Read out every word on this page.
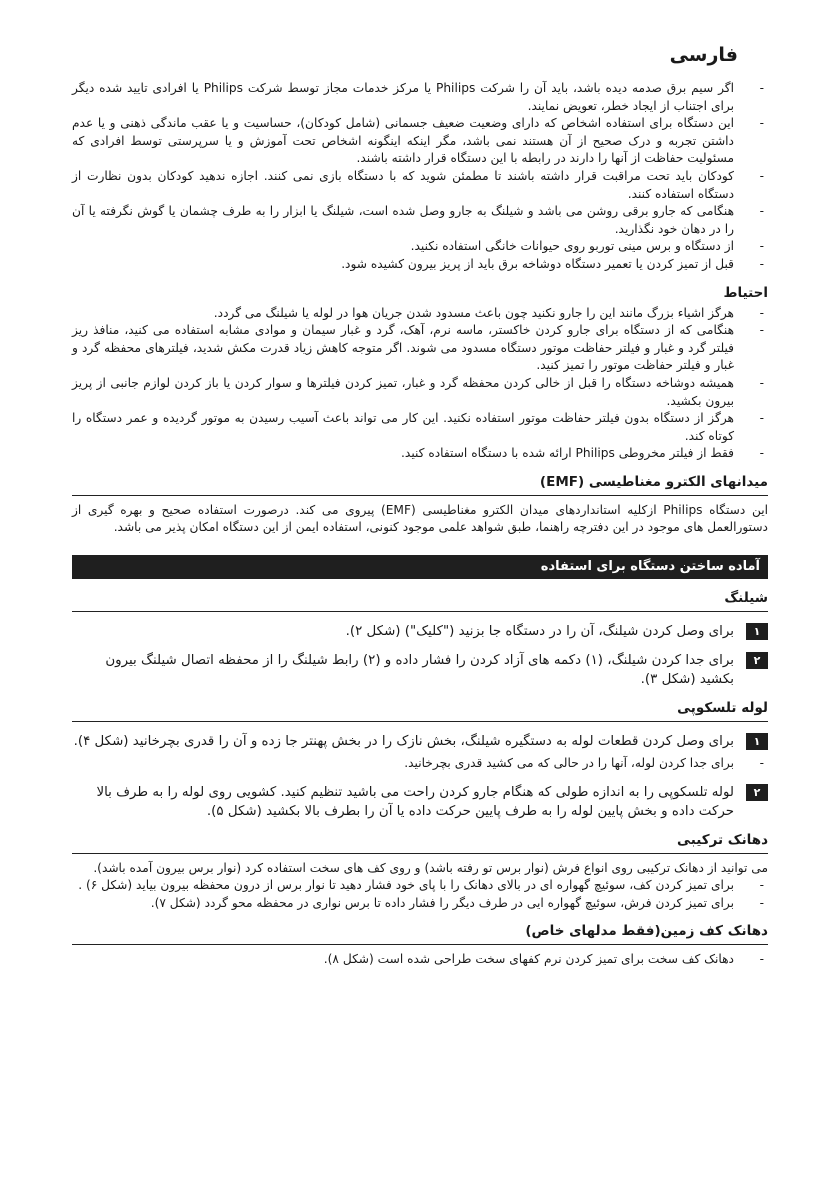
فارسی
- اگر سیم برق صدمه دیده باشد، باید آن را شرکت Philips یا مرکز خدمات مجاز توسط شرکت Philips یا افرادی تایید شده دیگر برای اجتناب از ایجاد خطر، تعویض نمایند.
- این دستگاه برای استفاده اشخاص که دارای وضعیت ضعیف جسمانی (شامل کودکان)، حساسیت و یا عقب ماندگی ذهنی و یا عدم داشتن تجربه و درک صحیح از آن هستند نمی باشد، مگر اینکه اینگونه اشخاص تحت آموزش و یا سرپرستی توسط افرادی که مسئولیت حفاظت از آنها را دارند در رابطه با این دستگاه قرار داشته باشند.
- کودکان باید تحت مراقبت قرار داشته باشند تا مطمئن شوید که با دستگاه بازی نمی کنند. اجازه ندهید کودکان بدون نظارت از دستگاه استفاده کنند.
- هنگامی که جارو برقی روشن می باشد و شیلنگ به جارو وصل شده است، شیلنگ یا ابزار را به طرف چشمان یا گوش نگرفته یا آن را در دهان خود نگذارید.
- از دستگاه و برس مینی توربو روی حیوانات خانگی استفاده نکنید.
- قبل از تمیز کردن یا تعمیر دستگاه دوشاخه برق باید از پریز بیرون کشیده شود.
احتیاط
- هرگز اشیاء بزرگ مانند این را جارو نکنید چون باعث مسدود شدن جریان هوا در لوله یا شیلنگ می گردد.
- هنگامی که از دستگاه برای جارو کردن خاکستر، ماسه نرم، آهک، گرد و غبار سیمان و موادی مشابه استفاده می کنید، منافذ ریز فیلتر گرد و غبار و فیلتر حفاظت موتور دستگاه مسدود می شوند. اگر متوجه کاهش زیاد قدرت مکش شدید، فیلترهای محفظه گرد و غبار و فیلتر حفاظت موتور را تمیز کنید.
- همیشه دوشاخه دستگاه را قبل از خالی کردن محفظه گرد و غبار، تمیز کردن فیلترها و سوار کردن یا باز کردن لوازم جانبی از پریز بیرون بکشید.
- هرگز از دستگاه بدون فیلتر حفاظت موتور استفاده نکنید. این کار می تواند باعث آسیب رسیدن به موتور گردیده و عمر دستگاه را کوتاه کند.
- فقط از فیلتر مخروطی Philips ارائه شده با دستگاه استفاده کنید.
میدانهای الکترو مغناطیسی (EMF)

این دستگاه Philips ازکلیه استانداردهای میدان الکترو مغناطیسی (EMF) پیروی می کند. درصورت استفاده صحیح و بهره گیری از دستورالعمل های موجود در این دفترچه راهنما، طبق شواهد علمی موجود کنونی، استفاده ایمن از این دستگاه امکان پذیر می باشد.

آماده ساختن دستگاه برای استفاده
شیلنگ
۱
برای وصل کردن شیلنگ، آن را در دستگاه جا بزنید ("کلیک") (شکل ۲).
۲
برای جدا کردن شیلنگ، (۱) دکمه های آزاد کردن را فشار داده و (۲) رابط شیلنگ را از محفظه اتصال شیلنگ بیرون بکشید (شکل ۳).
لوله تلسکوپی
۱
برای وصل کردن قطعات لوله به دستگیره شیلنگ، بخش نازک را در بخش پهنتر جا زده و آن را قدری بچرخانید (شکل ۴).
- برای جدا کردن لوله، آنها را در حالی که می کشید قدری بچرخانید.
۲
لوله تلسکوپی را به اندازه طولی که هنگام جارو کردن راحت می باشید تنظیم کنید. کشویی روی لوله را به طرف بالا حرکت داده و بخش پایین لوله را به طرف پایین حرکت داده یا آن را بطرف بالا بکشید (شکل ۵).
دهانک ترکیبی

می توانید از دهانک ترکیبی روی انواع فرش (نوار برس تو رفته باشد) و روی کف های سخت استفاده کرد (نوار برس بیرون آمده باشد).

- برای تمیز کردن کف، سوئیچ گهواره ای در بالای دهانک را با پای خود فشار دهید تا نوار برس از درون محفظه بیرون بیاید (شکل ۶) .
- برای تمیز کردن فرش، سوئیچ گهواره ایی در طرف دیگر را فشار داده تا برس نواری در محفظه محو گردد (شکل ۷).
دهانک کف زمین(فقط مدلهای خاص)
- دهانک کف سخت برای تمیز کردن نرم کفهای سخت طراحی شده است (شکل ۸).
